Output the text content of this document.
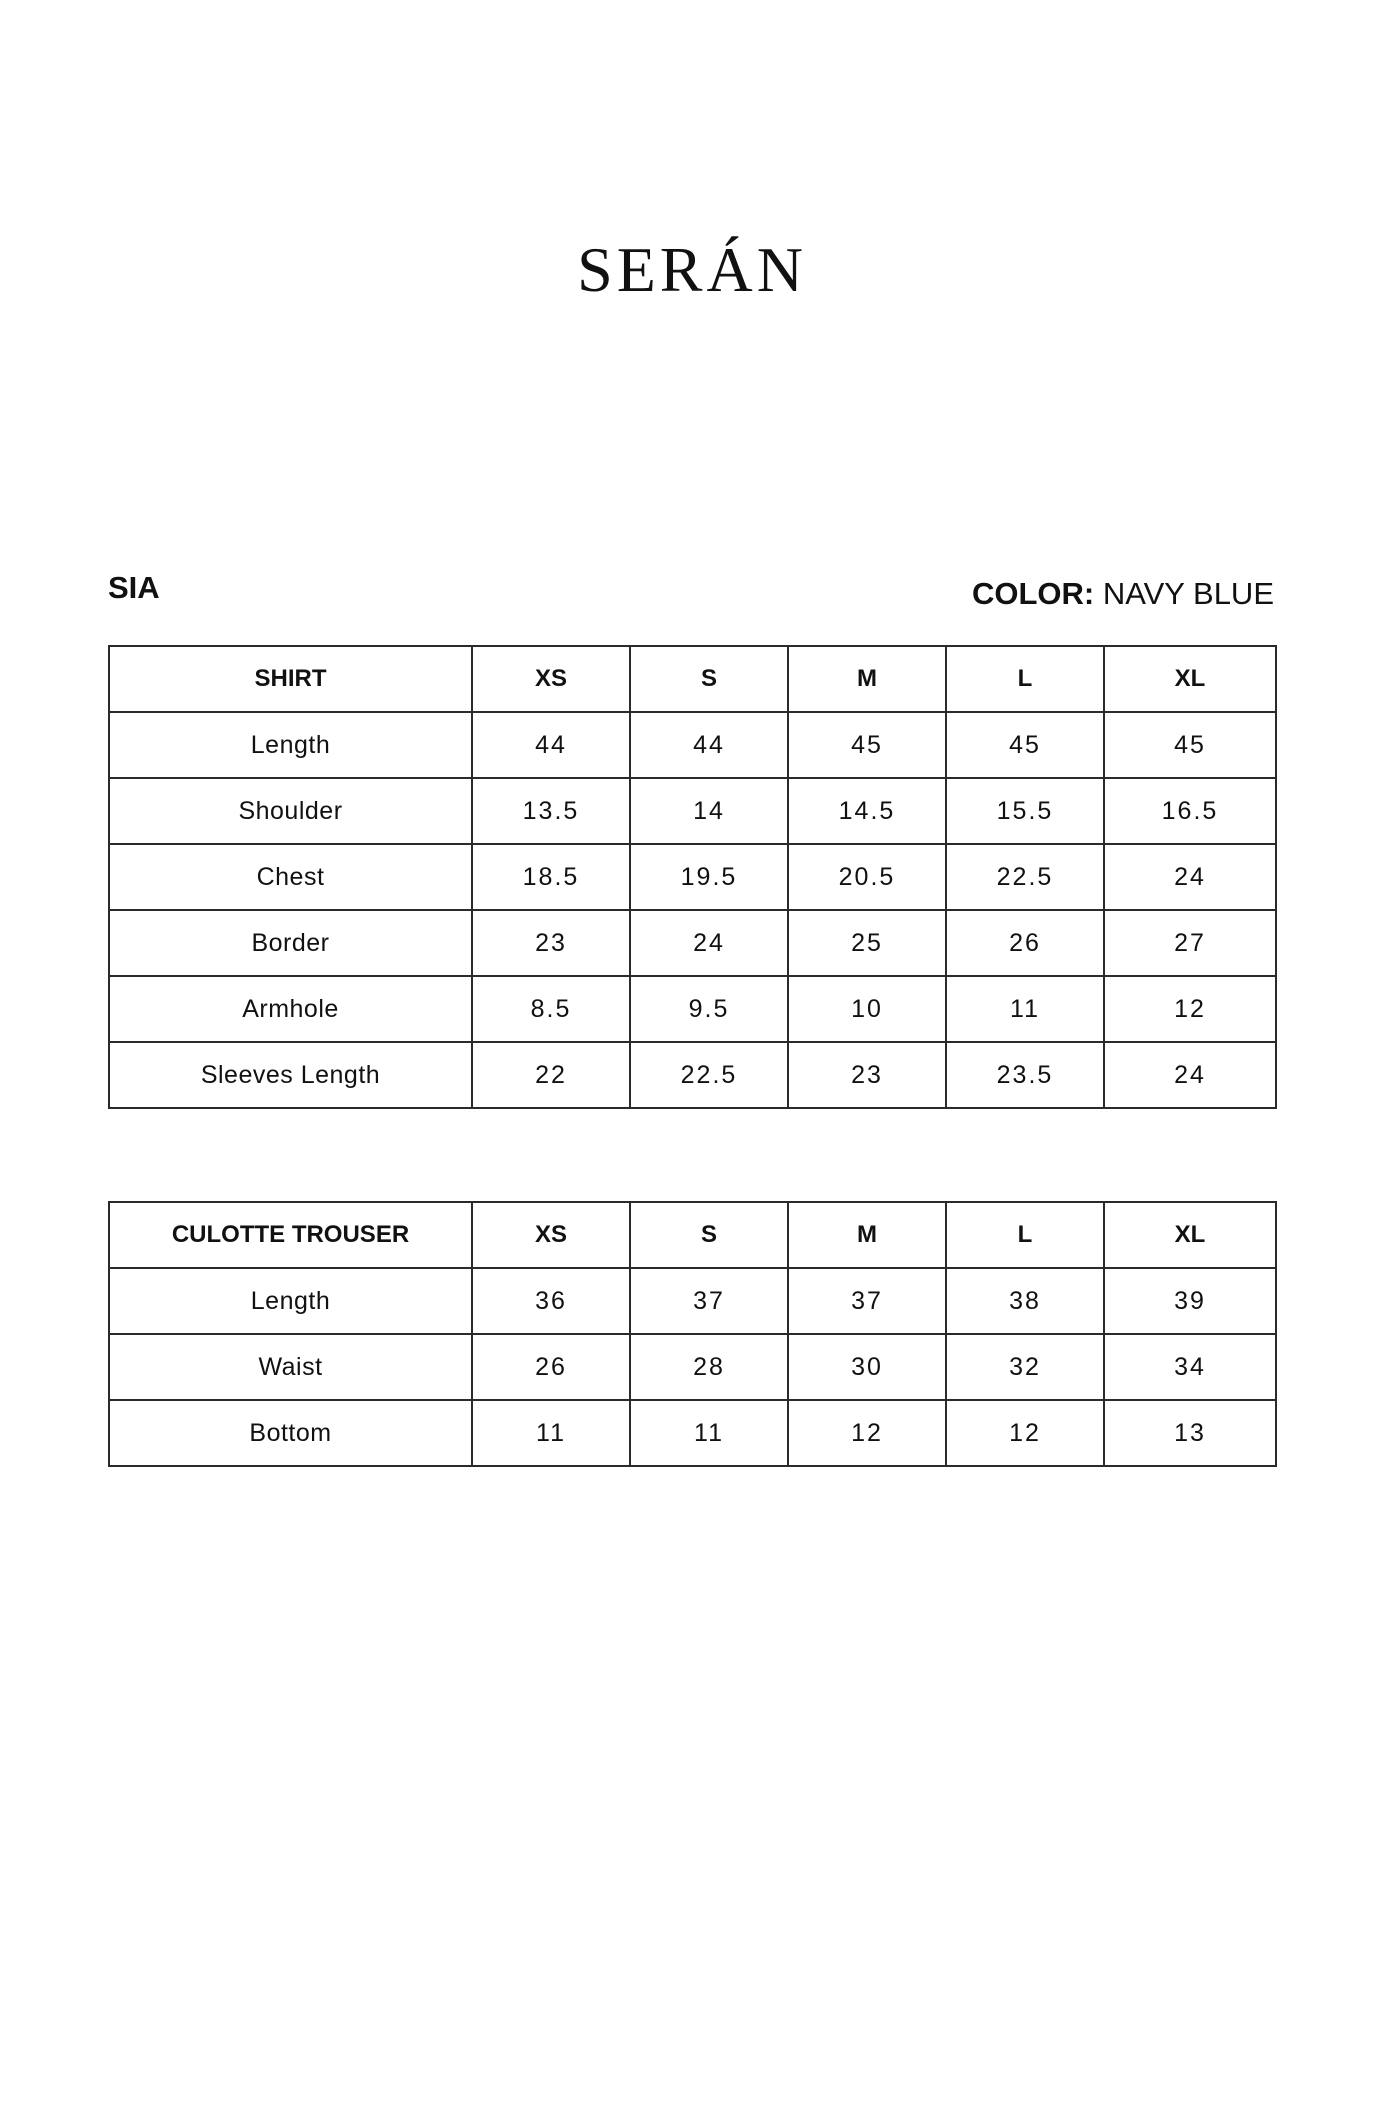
SERÁN
SIA	COLOR: NAVY BLUE
SHIRT	XS	S	M	L	XL
Length	44	44	45	45	45
Shoulder	13.5	14	14.5	15.5	16.5
Chest	18.5	19.5	20.5	22.5	24
Border	23	24	25	26	27
Armhole	8.5	9.5	10	11	12
Sleeves Length	22	22.5	23	23.5	24
CULOTTE TROUSER	XS	S	M	L	XL
Length	36	37	37	38	39
Waist	26	28	30	32	34
Bottom	11	11	12	12	13
